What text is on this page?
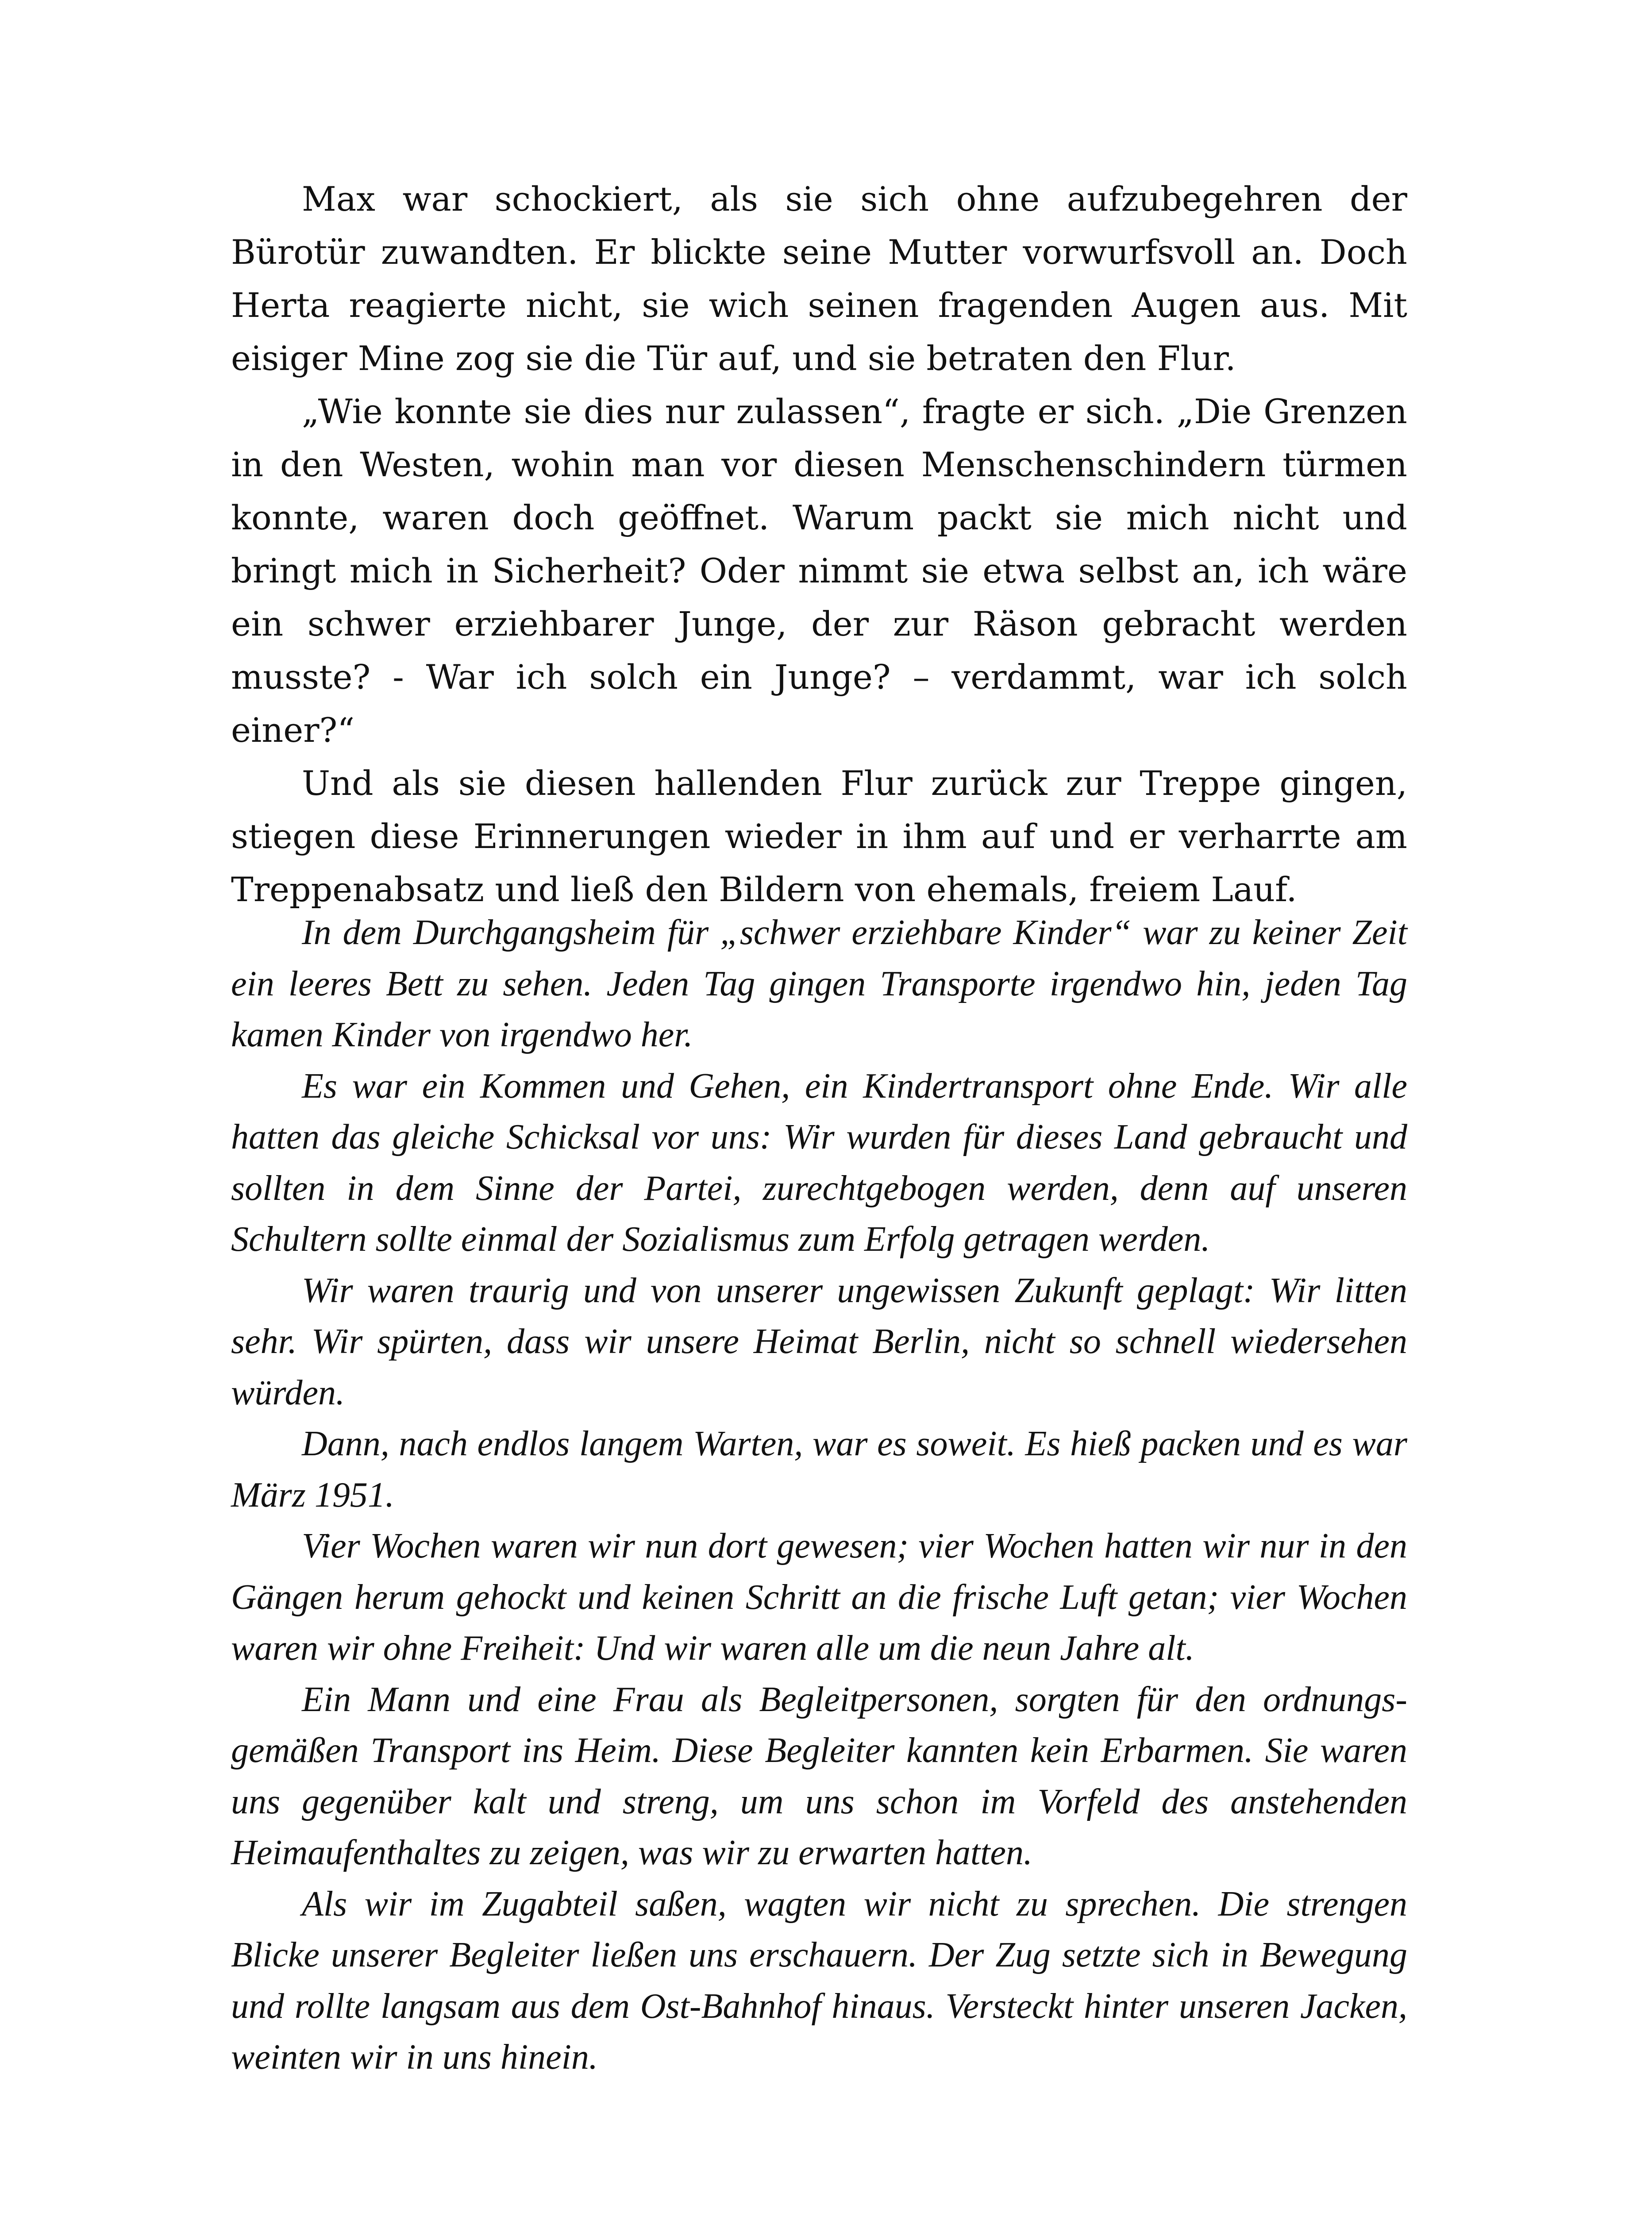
Max war schockiert, als sie sich ohne aufzubegehren der Bürotür zuwandten. Er blickte seine Mutter vorwurfsvoll an. Doch Herta reagierte nicht, sie wich seinen fragenden Augen aus. Mit eisiger Mine zog sie die Tür auf, und sie betraten den Flur.

„Wie konnte sie dies nur zulassen“, fragte er sich. „Die Grenzen in den Westen, wohin man vor diesen Menschenschindern türmen konnte, waren doch geöffnet. Warum packt sie mich nicht und bringt mich in Sicherheit? Oder nimmt sie etwa selbst an, ich wäre ein schwer erziehbarer Junge, der zur Räson gebracht werden musste? - War ich solch ein Junge? – verdammt, war ich solch einer?“

Und als sie diesen hallenden Flur zurück zur Treppe gingen, stiegen diese Erinnerungen wieder in ihm auf und er verharrte am Treppenabsatz und ließ den Bildern von ehemals, freiem Lauf.

In dem Durchgangsheim für „schwer erziehbare Kinder“ war zu keiner Zeit ein leeres Bett zu sehen. Jeden Tag gingen Transporte irgendwo hin, jeden Tag kamen Kinder von irgendwo her.

Es war ein Kommen und Gehen, ein Kindertransport ohne Ende. Wir alle hatten das gleiche Schicksal vor uns: Wir wurden für dieses Land gebraucht und sollten in dem Sinne der Partei, zurechtgebogen werden, denn auf unseren Schultern sollte einmal der Sozialismus zum Erfolg getragen werden.

Wir waren traurig und von unserer ungewissen Zukunft geplagt: Wir litten sehr. Wir spürten, dass wir unsere Heimat Berlin, nicht so schnell wiedersehen würden.

Dann, nach endlos langem Warten, war es soweit. Es hieß packen und es war März 1951.

Vier Wochen waren wir nun dort gewesen; vier Wochen hatten wir nur in den Gängen herum gehockt und keinen Schritt an die frische Luft getan; vier Wochen waren wir ohne Freiheit: Und wir waren alle um die neun Jahre alt.

Ein Mann und eine Frau als Begleitpersonen, sorgten für den ordnungsgemäßen Transport ins Heim. Diese Begleiter kannten kein Erbarmen. Sie waren uns gegenüber kalt und streng, um uns schon im Vorfeld des anstehenden Heimaufenthaltes zu zeigen, was wir zu erwarten hatten.

Als wir im Zugabteil saßen, wagten wir nicht zu sprechen. Die strengen Blicke unserer Begleiter ließen uns erschauern. Der Zug setzte sich in Bewegung und rollte langsam aus dem Ost-Bahnhof hinaus. Versteckt hinter unseren Jacken, weinten wir in uns hinein.
